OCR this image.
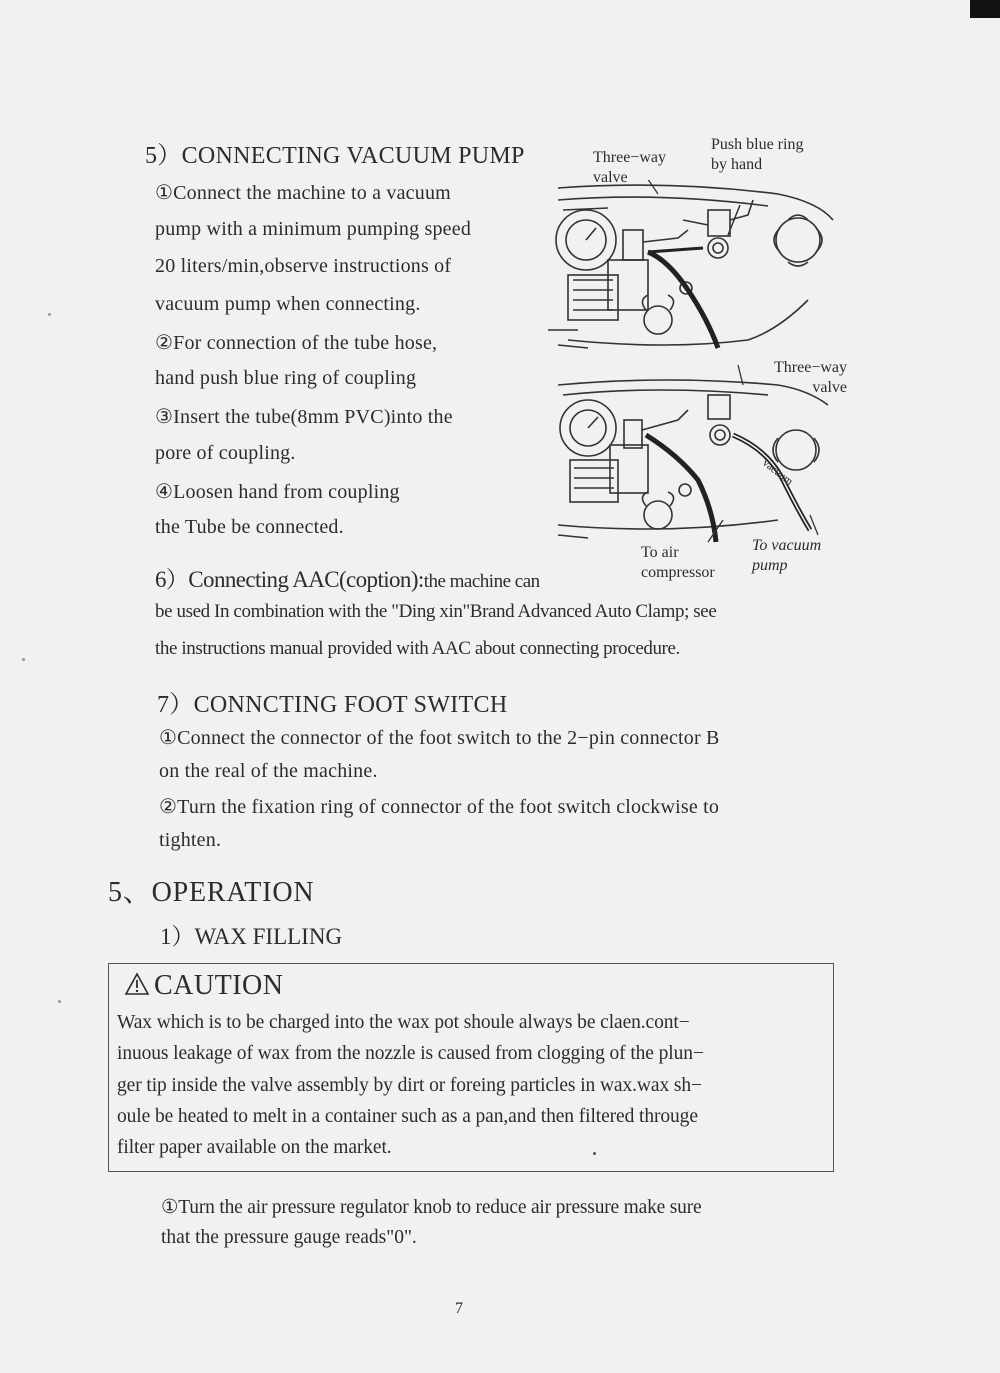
5）CONNECTING VACUUM PUMP
①Connect the machine to a vacuum
pump with a minimum pumping speed
20 liters/min,observe instructions of
vacuum pump when connecting.
②For connection of the tube hose,
hand push blue ring of coupling
③Insert the tube(8mm PVC)into the
pore of coupling.
④Loosen hand from coupling
the Tube be connected.
Three−way
valve
Push blue ring
by hand
Three−way
valve
To air
compressor
To vacuum
pump
vacuum
6）Connecting AAC(coption):the machine can
be used In combination with the "Ding xin"Brand Advanced Auto Clamp; see
the instructions manual provided with AAC about connecting procedure.
7）CONNCTING FOOT SWITCH
①Connect the connector of the foot switch to the 2−pin connector B
on the real of the machine.
②Turn the fixation ring of connector of the foot switch clockwise to
tighten.
5、OPERATION
1）WAX FILLING
CAUTION
Wax which is to be charged into the wax pot shoule always be claen.cont−
inuous leakage of wax from the nozzle is caused from clogging of the plun−
ger tip inside the valve assembly by dirt or foreing particles in wax.wax sh−
oule be heated to melt in a container such as a pan,and then filtered througe
filter paper available on the market.
①Turn the air pressure regulator knob to reduce air pressure make sure
that the pressure gauge reads"0".
7
